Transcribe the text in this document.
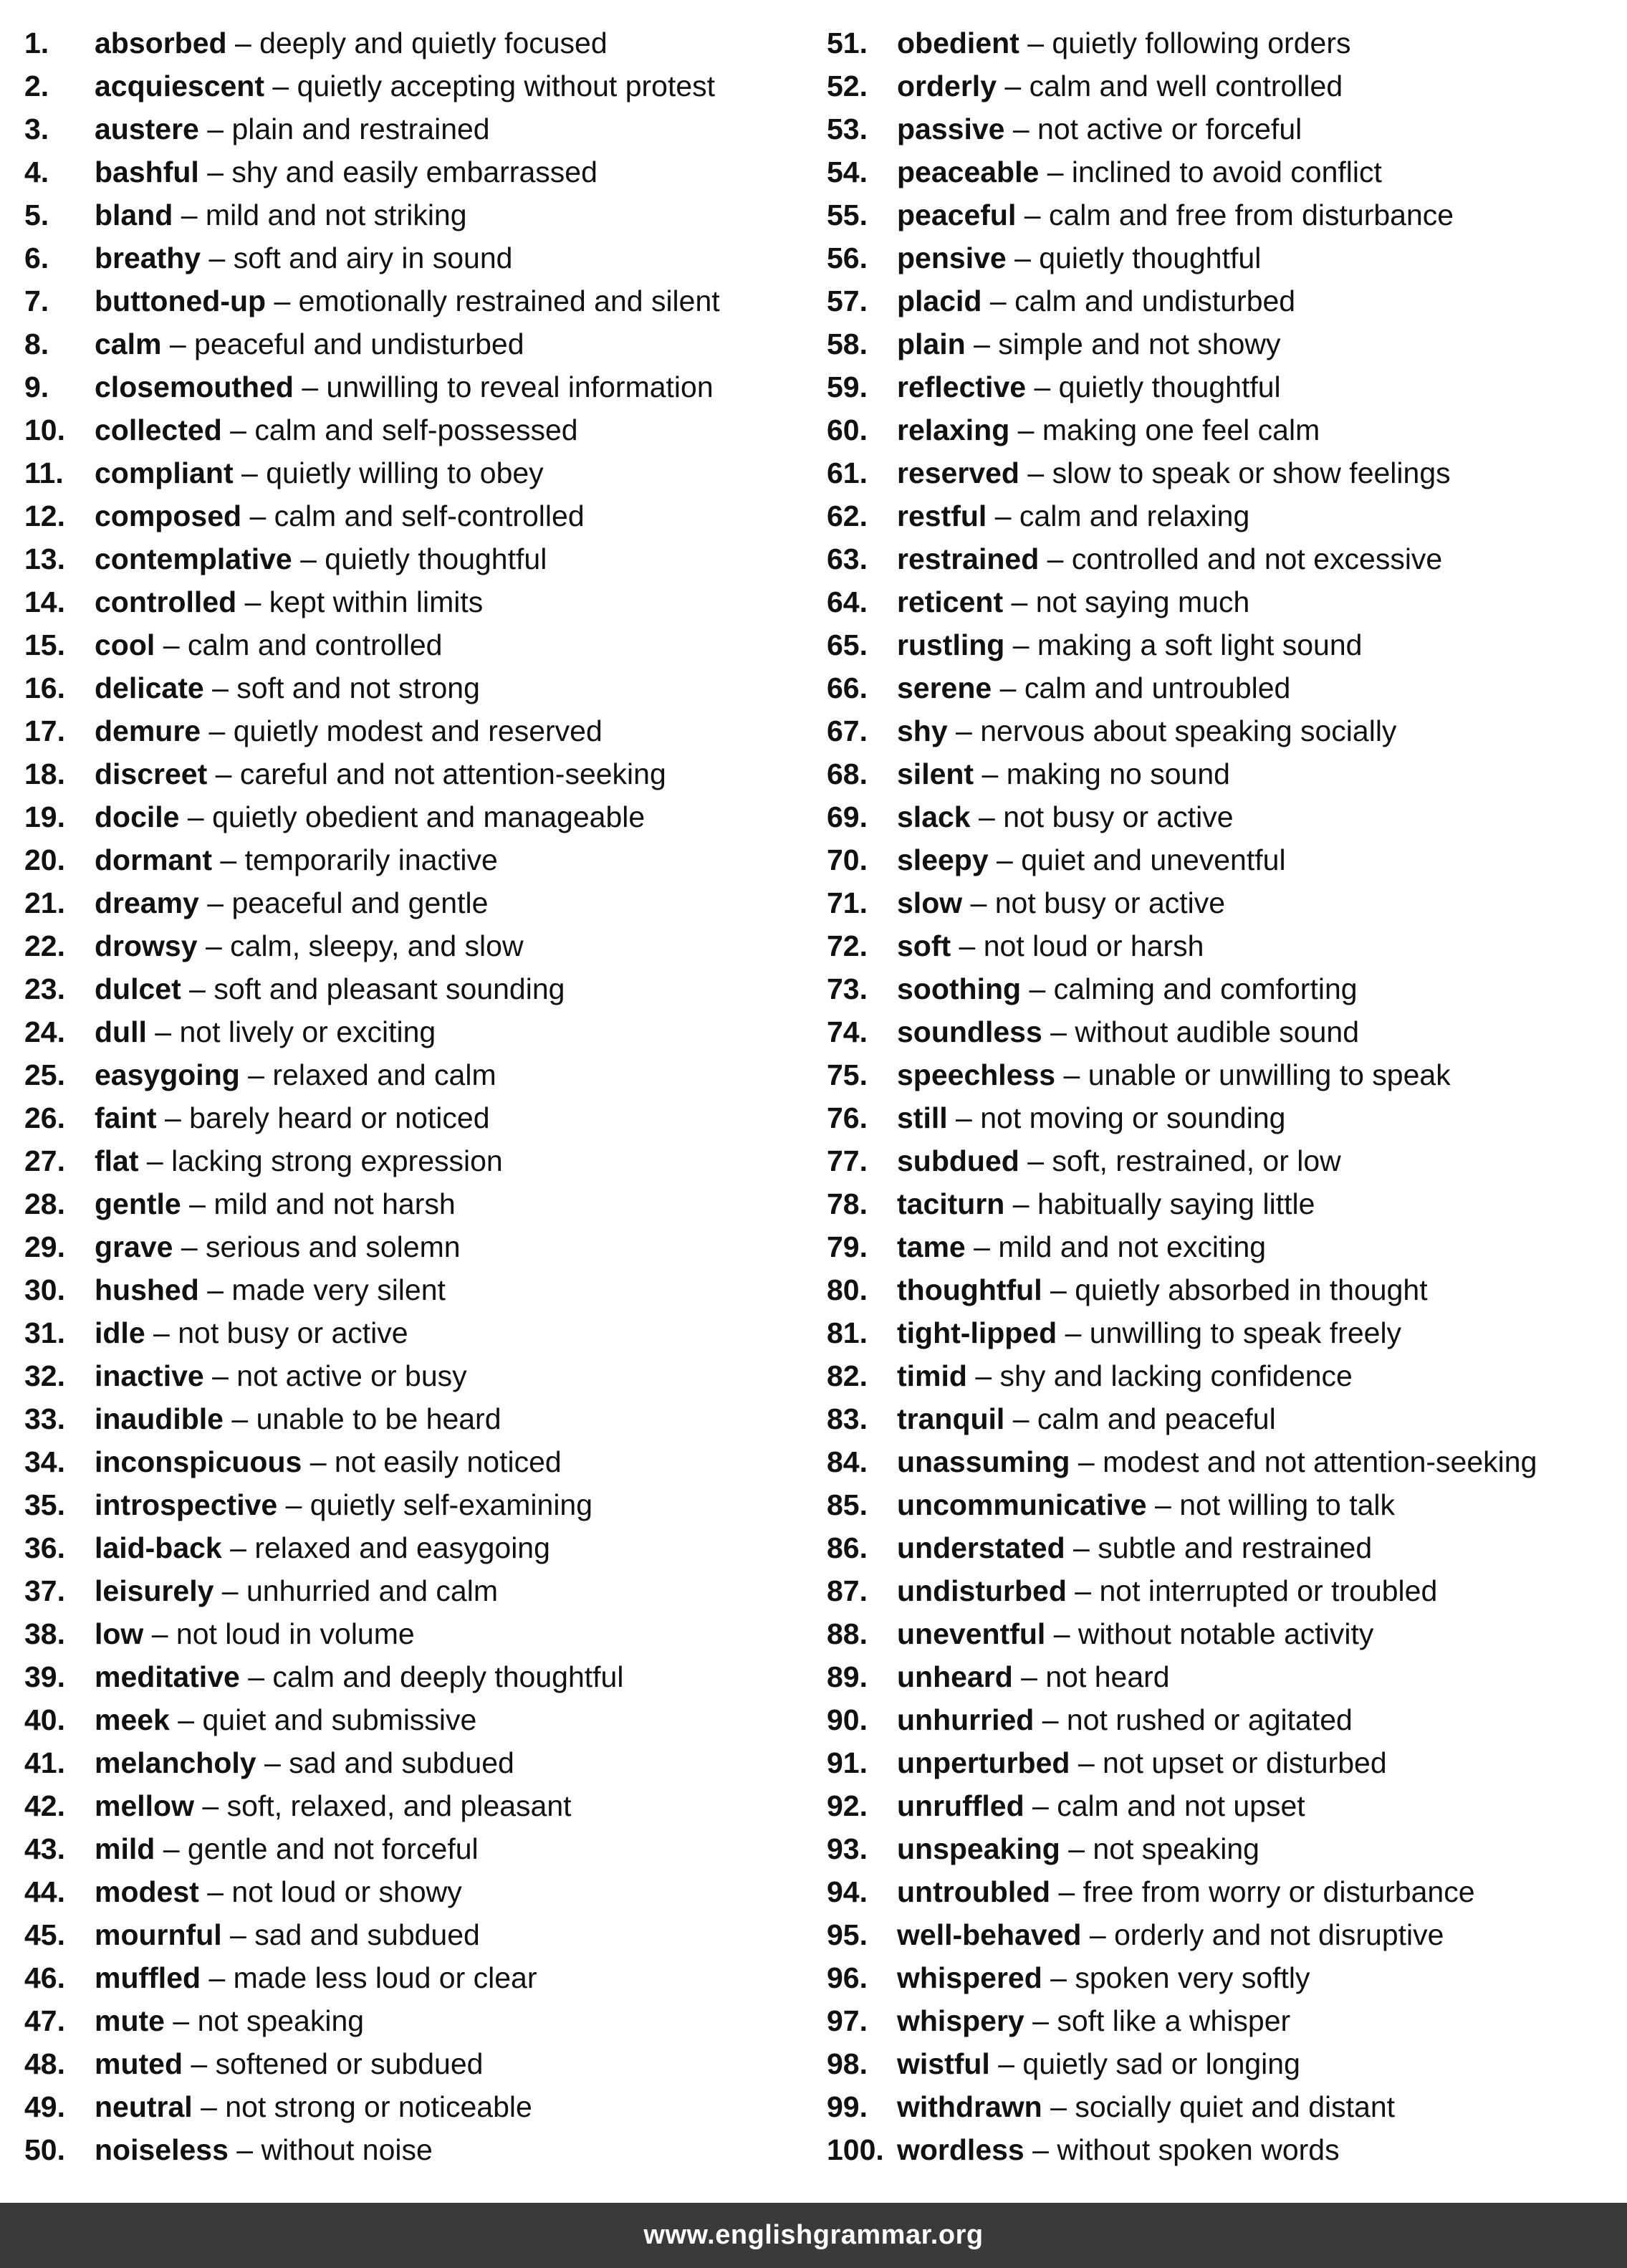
1. absorbed – deeply and quietly focused
2. acquiescent – quietly accepting without protest
3. austere – plain and restrained
4. bashful – shy and easily embarrassed
5. bland – mild and not striking
6. breathy – soft and airy in sound
7. buttoned-up – emotionally restrained and silent
8. calm – peaceful and undisturbed
9. closemouthed – unwilling to reveal information
10. collected – calm and self-possessed
11. compliant – quietly willing to obey
12. composed – calm and self-controlled
13. contemplative – quietly thoughtful
14. controlled – kept within limits
15. cool – calm and controlled
16. delicate – soft and not strong
17. demure – quietly modest and reserved
18. discreet – careful and not attention-seeking
19. docile – quietly obedient and manageable
20. dormant – temporarily inactive
21. dreamy – peaceful and gentle
22. drowsy – calm, sleepy, and slow
23. dulcet – soft and pleasant sounding
24. dull – not lively or exciting
25. easygoing – relaxed and calm
26. faint – barely heard or noticed
27. flat – lacking strong expression
28. gentle – mild and not harsh
29. grave – serious and solemn
30. hushed – made very silent
31. idle – not busy or active
32. inactive – not active or busy
33. inaudible – unable to be heard
34. inconspicuous – not easily noticed
35. introspective – quietly self-examining
36. laid-back – relaxed and easygoing
37. leisurely – unhurried and calm
38. low – not loud in volume
39. meditative – calm and deeply thoughtful
40. meek – quiet and submissive
41. melancholy – sad and subdued
42. mellow – soft, relaxed, and pleasant
43. mild – gentle and not forceful
44. modest – not loud or showy
45. mournful – sad and subdued
46. muffled – made less loud or clear
47. mute – not speaking
48. muted – softened or subdued
49. neutral – not strong or noticeable
50. noiseless – without noise
51. obedient – quietly following orders
52. orderly – calm and well controlled
53. passive – not active or forceful
54. peaceable – inclined to avoid conflict
55. peaceful – calm and free from disturbance
56. pensive – quietly thoughtful
57. placid – calm and undisturbed
58. plain – simple and not showy
59. reflective – quietly thoughtful
60. relaxing – making one feel calm
61. reserved – slow to speak or show feelings
62. restful – calm and relaxing
63. restrained – controlled and not excessive
64. reticent – not saying much
65. rustling – making a soft light sound
66. serene – calm and untroubled
67. shy – nervous about speaking socially
68. silent – making no sound
69. slack – not busy or active
70. sleepy – quiet and uneventful
71. slow – not busy or active
72. soft – not loud or harsh
73. soothing – calming and comforting
74. soundless – without audible sound
75. speechless – unable or unwilling to speak
76. still – not moving or sounding
77. subdued – soft, restrained, or low
78. taciturn – habitually saying little
79. tame – mild and not exciting
80. thoughtful – quietly absorbed in thought
81. tight-lipped – unwilling to speak freely
82. timid – shy and lacking confidence
83. tranquil – calm and peaceful
84. unassuming – modest and not attention-seeking
85. uncommunicative – not willing to talk
86. understated – subtle and restrained
87. undisturbed – not interrupted or troubled
88. uneventful – without notable activity
89. unheard – not heard
90. unhurried – not rushed or agitated
91. unperturbed – not upset or disturbed
92. unruffled – calm and not upset
93. unspeaking – not speaking
94. untroubled – free from worry or disturbance
95. well-behaved – orderly and not disruptive
96. whispered – spoken very softly
97. whispery – soft like a whisper
98. wistful – quietly sad or longing
99. withdrawn – socially quiet and distant
100. wordless – without spoken words
www.englishgrammar.org
